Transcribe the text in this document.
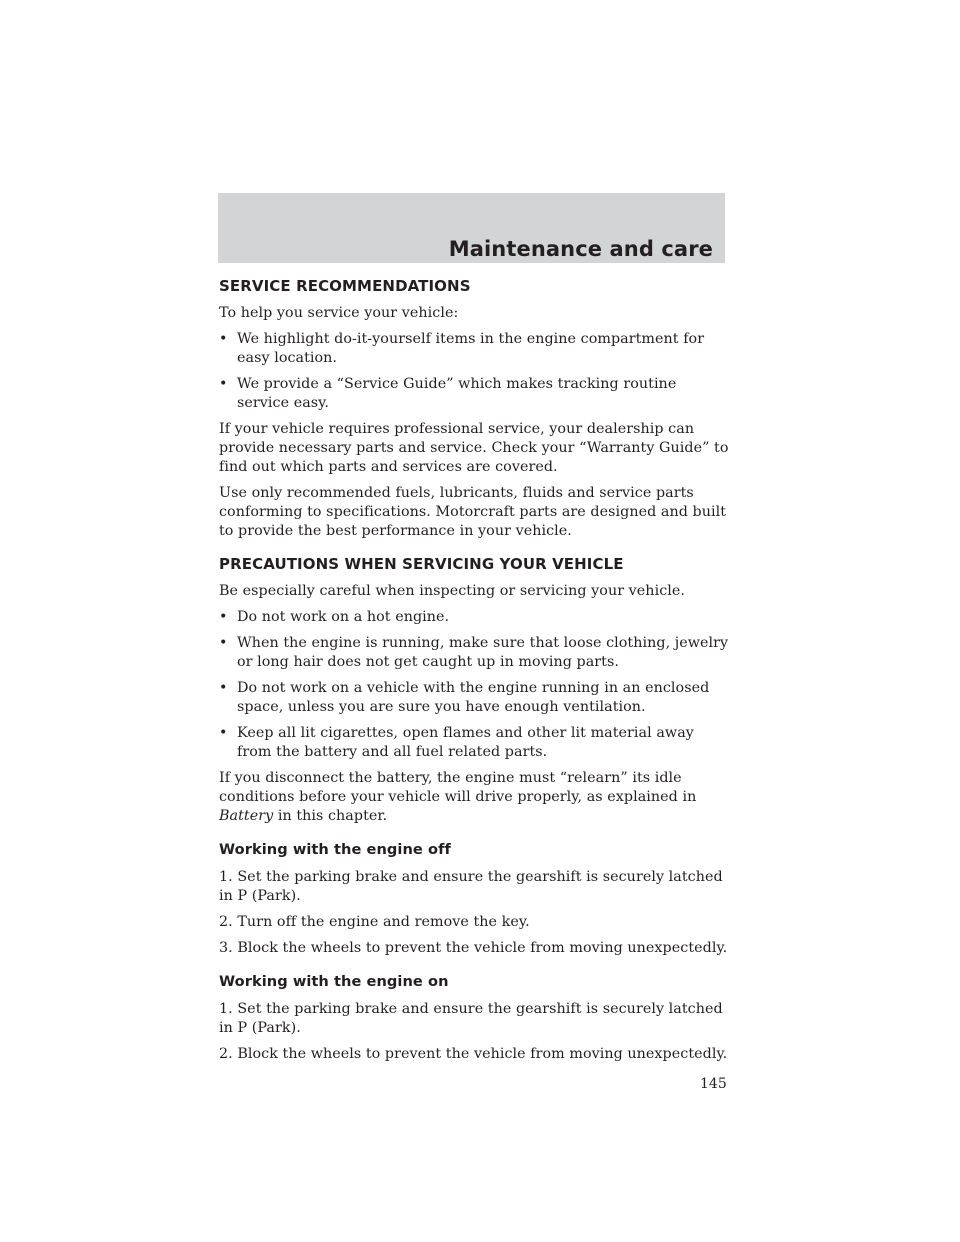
Maintenance and care
SERVICE RECOMMENDATIONS

To help you service your vehicle:

• We highlight do-it-yourself items in the engine compartment for easy location.
• We provide a “Service Guide” which makes tracking routine service easy.

If your vehicle requires professional service, your dealership can provide necessary parts and service. Check your “Warranty Guide” to find out which parts and services are covered.

Use only recommended fuels, lubricants, fluids and service parts conforming to specifications. Motorcraft parts are designed and built to provide the best performance in your vehicle.

PRECAUTIONS WHEN SERVICING YOUR VEHICLE

Be especially careful when inspecting or servicing your vehicle.

• Do not work on a hot engine.
• When the engine is running, make sure that loose clothing, jewelry or long hair does not get caught up in moving parts.
• Do not work on a vehicle with the engine running in an enclosed space, unless you are sure you have enough ventilation.
• Keep all lit cigarettes, open flames and other lit material away from the battery and all fuel related parts.

If you disconnect the battery, the engine must “relearn” its idle conditions before your vehicle will drive properly, as explained in Battery in this chapter.

Working with the engine off

1. Set the parking brake and ensure the gearshift is securely latched in P (Park).

2. Turn off the engine and remove the key.

3. Block the wheels to prevent the vehicle from moving unexpectedly.

Working with the engine on

1. Set the parking brake and ensure the gearshift is securely latched in P (Park).

2. Block the wheels to prevent the vehicle from moving unexpectedly.

145
